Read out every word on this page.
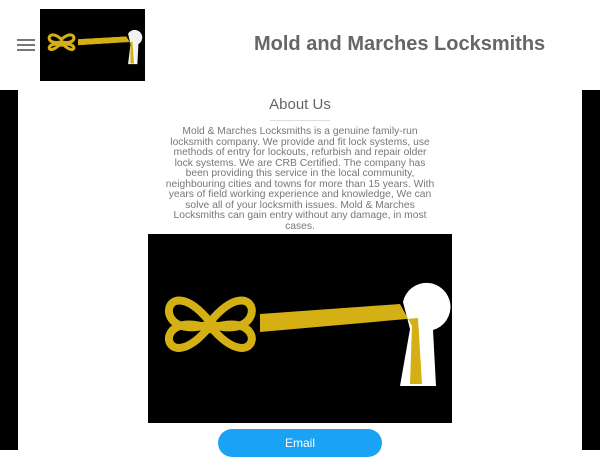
Mold and Marches Locksmiths
About Us

Mold & Marches Locksmiths is a genuine family-run locksmith company. We provide and fit lock systems, use methods of entry for lockouts, refurbish and repair older lock systems. We are CRB Certified. The company has been providing this service in the local community, neighbouring cities and towns for more than 15 years. With years of field working experience and knowledge, We can solve all of your locksmith issues. Mold & Marches Locksmiths can gain entry without any damage, in most cases.

Email
